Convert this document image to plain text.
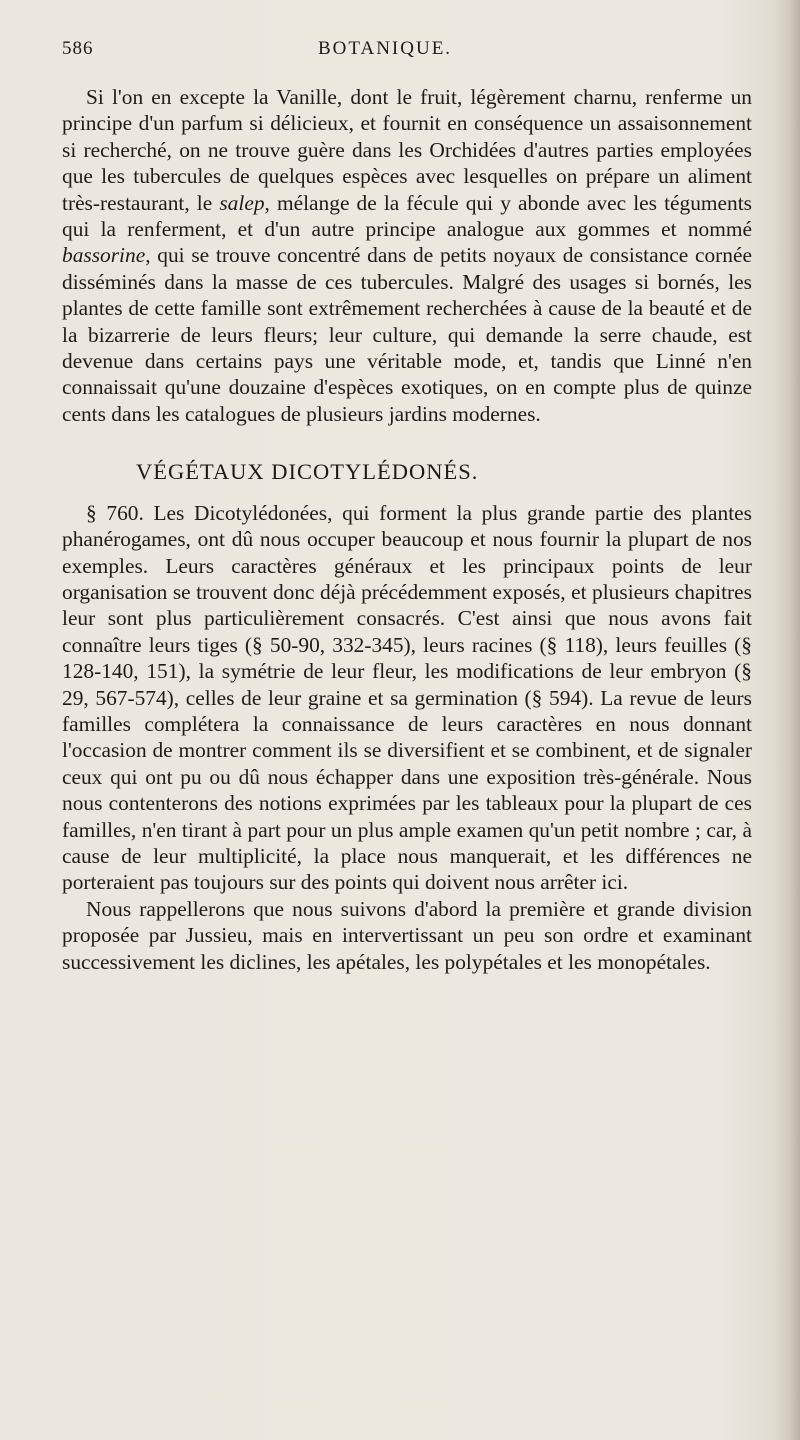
586	BOTANIQUE.

Si l'on en excepte la Vanille, dont le fruit, légèrement charnu, renferme un principe d'un parfum si délicieux, et fournit en conséquence un assaisonnement si recherché, on ne trouve guère dans les Orchidées d'autres parties employées que les tubercules de quelques espèces avec lesquelles on prépare un aliment très-restaurant, le salep, mélange de la fécule qui y abonde avec les téguments qui la renferment, et d'un autre principe analogue aux gommes et nommé bassorine, qui se trouve concentré dans de petits noyaux de consistance cornée disséminés dans la masse de ces tubercules. Malgré des usages si bornés, les plantes de cette famille sont extrêmement recherchées à cause de la beauté et de la bizarrerie de leurs fleurs; leur culture, qui demande la serre chaude, est devenue dans certains pays une véritable mode, et, tandis que Linné n'en connaissait qu'une douzaine d'espèces exotiques, on en compte plus de quinze cents dans les catalogues de plusieurs jardins modernes.

VÉGÉTAUX DICOTYLÉDONÉS.

§ 760. Les Dicotylédonées, qui forment la plus grande partie des plantes phanérogames, ont dû nous occuper beaucoup et nous fournir la plupart de nos exemples. Leurs caractères généraux et les principaux points de leur organisation se trouvent donc déjà précédemment exposés, et plusieurs chapitres leur sont plus particulièrement consacrés. C'est ainsi que nous avons fait connaître leurs tiges (§ 50-90, 332-345), leurs racines (§ 118), leurs feuilles (§ 128-140, 151), la symétrie de leur fleur, les modifications de leur embryon (§ 29, 567-574), celles de leur graine et sa germination (§ 594). La revue de leurs familles complétera la connaissance de leurs caractères en nous donnant l'occasion de montrer comment ils se diversifient et se combinent, et de signaler ceux qui ont pu ou dû nous échapper dans une exposition très-générale. Nous nous contenterons des notions exprimées par les tableaux pour la plupart de ces familles, n'en tirant à part pour un plus ample examen qu'un petit nombre ; car, à cause de leur multiplicité, la place nous manquerait, et les différences ne porteraient pas toujours sur des points qui doivent nous arrêter ici.

Nous rappellerons que nous suivons d'abord la première et grande division proposée par Jussieu, mais en intervertissant un peu son ordre et examinant successivement les diclines, les apétales, les polypétales et les monopétales.
